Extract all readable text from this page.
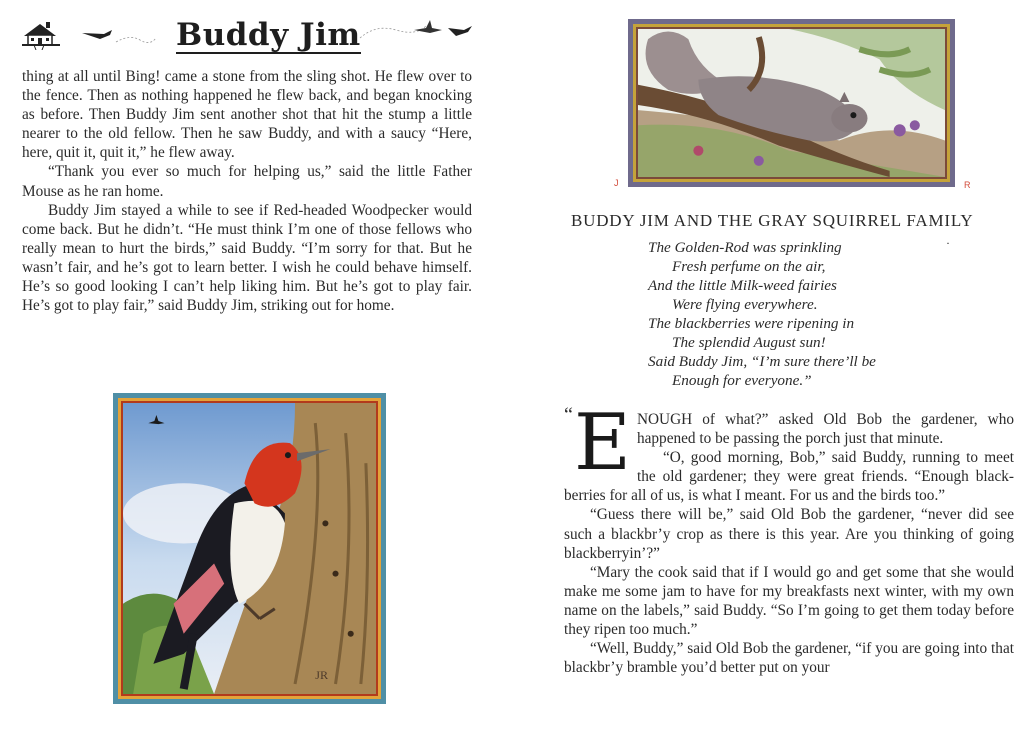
Buddy Jim

thing at all until Bing! came a stone from the sling shot. He flew over to the fence. Then as nothing happened he flew back, and began knocking as before. Then Buddy Jim sent another shot that hit the stump a little nearer to the old fellow. Then he saw Buddy, and with a saucy “Here, here, quit it, quit it,” he flew away.

“Thank you ever so much for helping us,” said the little Father Mouse as he ran home.

Buddy Jim stayed a while to see if Red-headed Woodpecker would come back. But he didn’t. “He must think I’m one of those fellows who really mean to hurt the birds,” said Buddy. “I’m sorry for that. But he wasn’t fair, and he’s got to learn better. I wish he could behave himself. He’s so good looking I can’t help liking him. But he’s got to play fair. He’s got to play fair,” said Buddy Jim, striking out for home.

JR
J	R
BUDDY JIM AND THE GRAY SQUIRREL FAMILY
The Golden-Rod was sprinkling
Fresh perfume on the air,
And the little Milk-weed fairies
Were flying everywhere.
The blackberries were ripening in
The splendid August sun!
Said Buddy Jim, “I’m sure there’ll be
Enough for everyone.”
·
“ E NOUGH of what?” asked Old Bob the gardener, who happened to be passing the porch just that minute.

“O, good morning, Bob,” said Buddy, running to meet the old gardener; they were great friends. “Enough black-berries for all of us, is what I meant. For us and the birds too.”

“Guess there will be,” said Old Bob the gardener, “never did see such a blackbr’y crop as there is this year. Are you thinking of going blackberryin’?”

“Mary the cook said that if I would go and get some that she would make me some jam to have for my breakfasts next winter, with my own name on the labels,” said Buddy. “So I’m going to get them today before they ripen too much.”

“Well, Buddy,” said Old Bob the gardener, “if you are going into that blackbr’y bramble you’d better put on your
